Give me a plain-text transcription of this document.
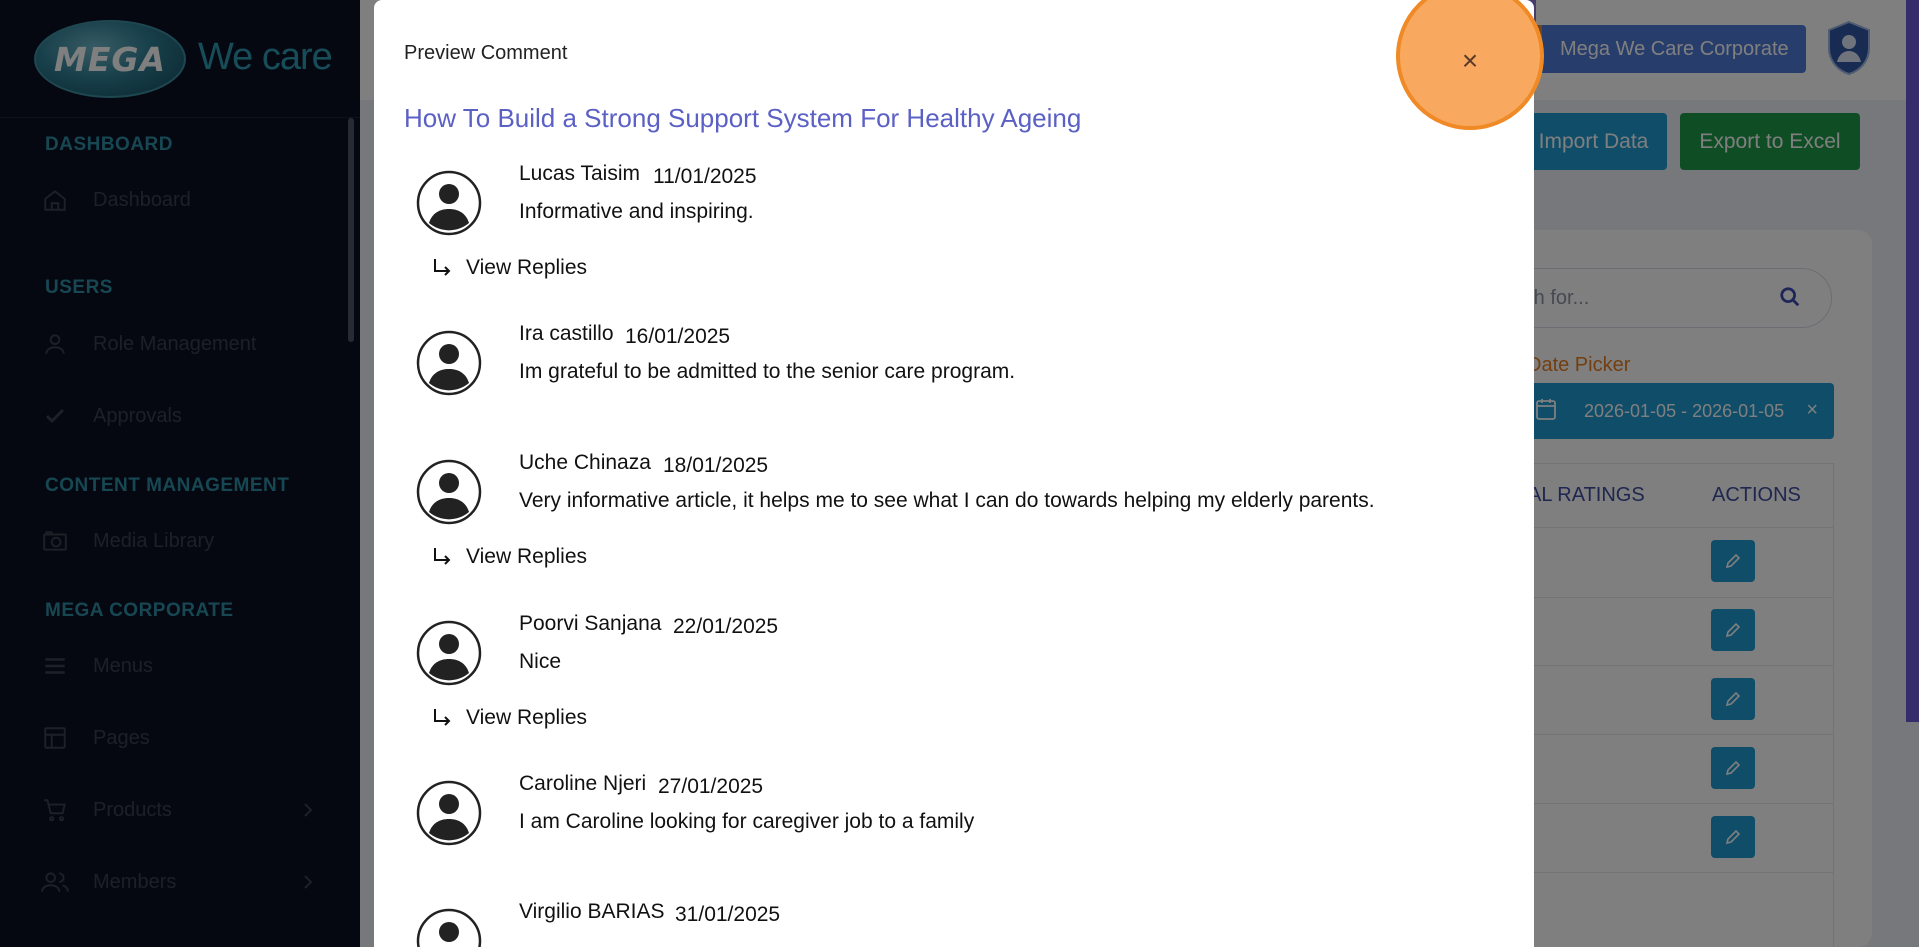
Preview Comment
How To Build a Strong Support System For Healthy Ageing
Lucas Taisim 11/01/2025
Informative and inspiring.
View Replies
Ira castillo 16/01/2025
Im grateful to be admitted to the senior care program.
Uche Chinaza 18/01/2025
Very informative article, it helps me to see what I can do towards helping my elderly parents.
View Replies
Poorvi Sanjana 22/01/2025
Nice
View Replies
Caroline Njeri 27/01/2025
I am Caroline looking for caregiver job to a family
Virgilio BARIAS 31/01/2025
×
